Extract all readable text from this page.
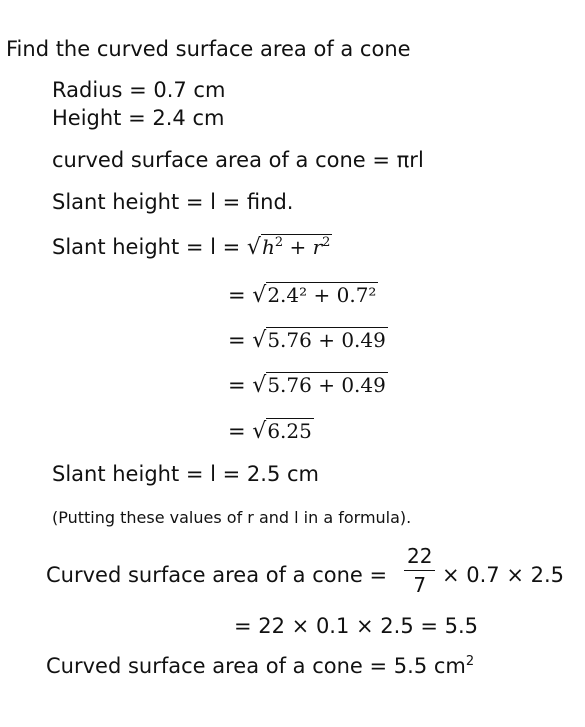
Find the curved surface area of a cone
Radius = 0.7 cm
Height = 2.4 cm
curved surface area of a cone = πrl
Slant height = l = find.
Slant height = $l = √h^2 + r^2$
= √2.4² + 0.7²
= √5.76 + 0.49
= √5.76 + 0.49
= √6.25
Slant height = l = 2.5 cm
(Putting these values of r and l in a formula).
Curved surface area of a cone = $\frac{22}{7} \times 0.7 \times 2.5$
= 22 × 0.1 × 2.5 = 5.5
Curved surface area of a cone = 5.5 $cm^2$
